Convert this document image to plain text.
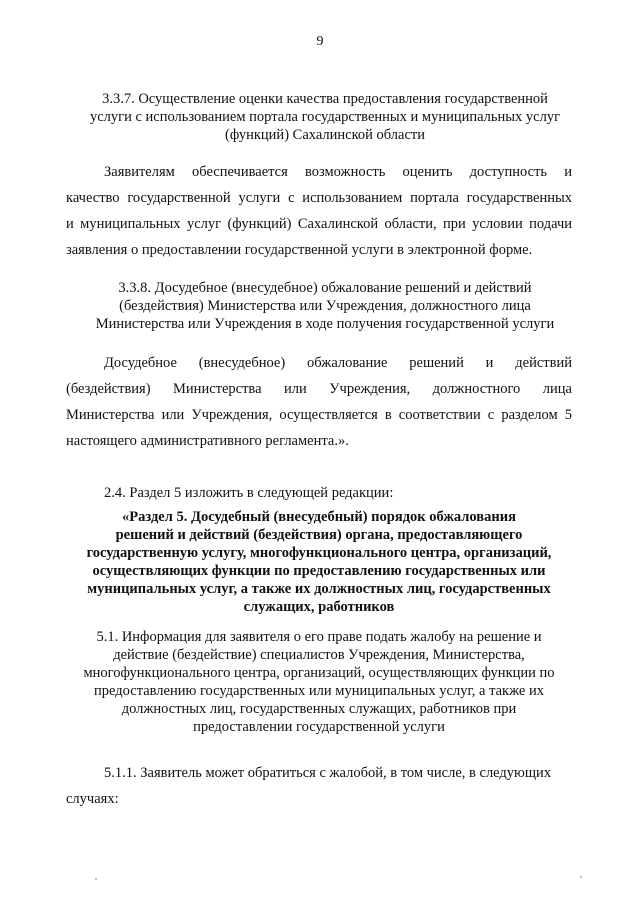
9
3.3.7. Осуществление оценки качества предоставления государственной
услуги с использованием портала государственных и муниципальных услуг
(функций) Сахалинской области
Заявителям обеспечивается возможность оценить доступность и
качество государственной услуги с использованием портала государственных
и муниципальных услуг (функций) Сахалинской области, при условии подачи
заявления о предоставлении государственной услуги в электронной форме.
3.3.8. Досудебное (внесудебное) обжалование решений и действий
(бездействия) Министерства или Учреждения, должностного лица
Министерства или Учреждения в ходе получения государственной услуги
Досудебное (внесудебное) обжалование решений и действий
(бездействия) Министерства или Учреждения, должностного лица
Министерства или Учреждения, осуществляется в соответствии с разделом 5
настоящего административного регламента.».
2.4. Раздел 5 изложить в следующей редакции:
«Раздел 5. Досудебный (внесудебный) порядок обжалования
решений и действий (бездействия) органа, предоставляющего
государственную услугу, многофункционального центра, организаций,
осуществляющих функции по предоставлению государственных или
муниципальных услуг, а также их должностных лиц, государственных
служащих, работников
5.1. Информация для заявителя о его праве подать жалобу на решение и
действие (бездействие) специалистов Учреждения, Министерства,
многофункционального центра, организаций, осуществляющих функции по
предоставлению государственных или муниципальных услуг, а также их
должностных лиц, государственных служащих, работников при
предоставлении государственной услуги
5.1.1. Заявитель может обратиться с жалобой, в том числе, в следующих
случаях:
